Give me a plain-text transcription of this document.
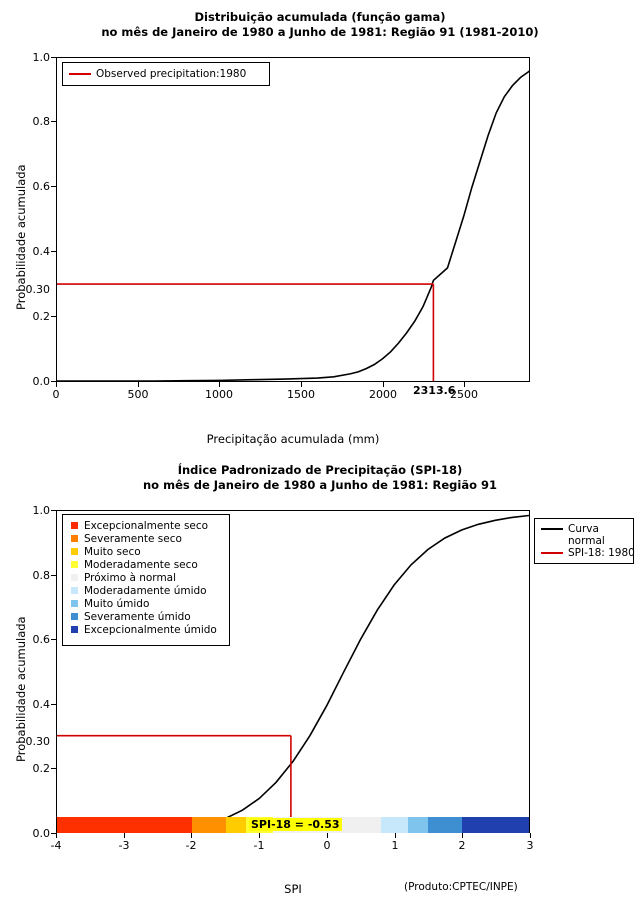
Distribuição acumulada (função gama)
no mês de Janeiro de 1980 a Junho de 1981: Região 91 (1981-2010)
Observed precipitation:1980
0.0
0.2
0.4
0.6
0.8
1.0
0.30
0	500	1000	1500	2000	2500
2313.6
Precipitação acumulada (mm)
Probabilidade acumulada
Índice Padronizado de Precipitação (SPI-18)
no mês de Janeiro de 1980 a Junho de 1981: Região 91
Excepcionalmente seco
Severamente seco
Muito seco
Moderadamente seco
Próximo à normal
Moderadamente úmido
Muito úmido
Severamente úmido
Excepcionalmente úmido
Curva
normal
SPI-18: 1980
0.0
0.2
0.4
0.6
0.8
1.0
0.30
SPI-18 = -0.53
-4	-3	-2	-1	0	1	2	3
SPI
Probabilidade acumulada
(Produto:CPTEC/INPE)
